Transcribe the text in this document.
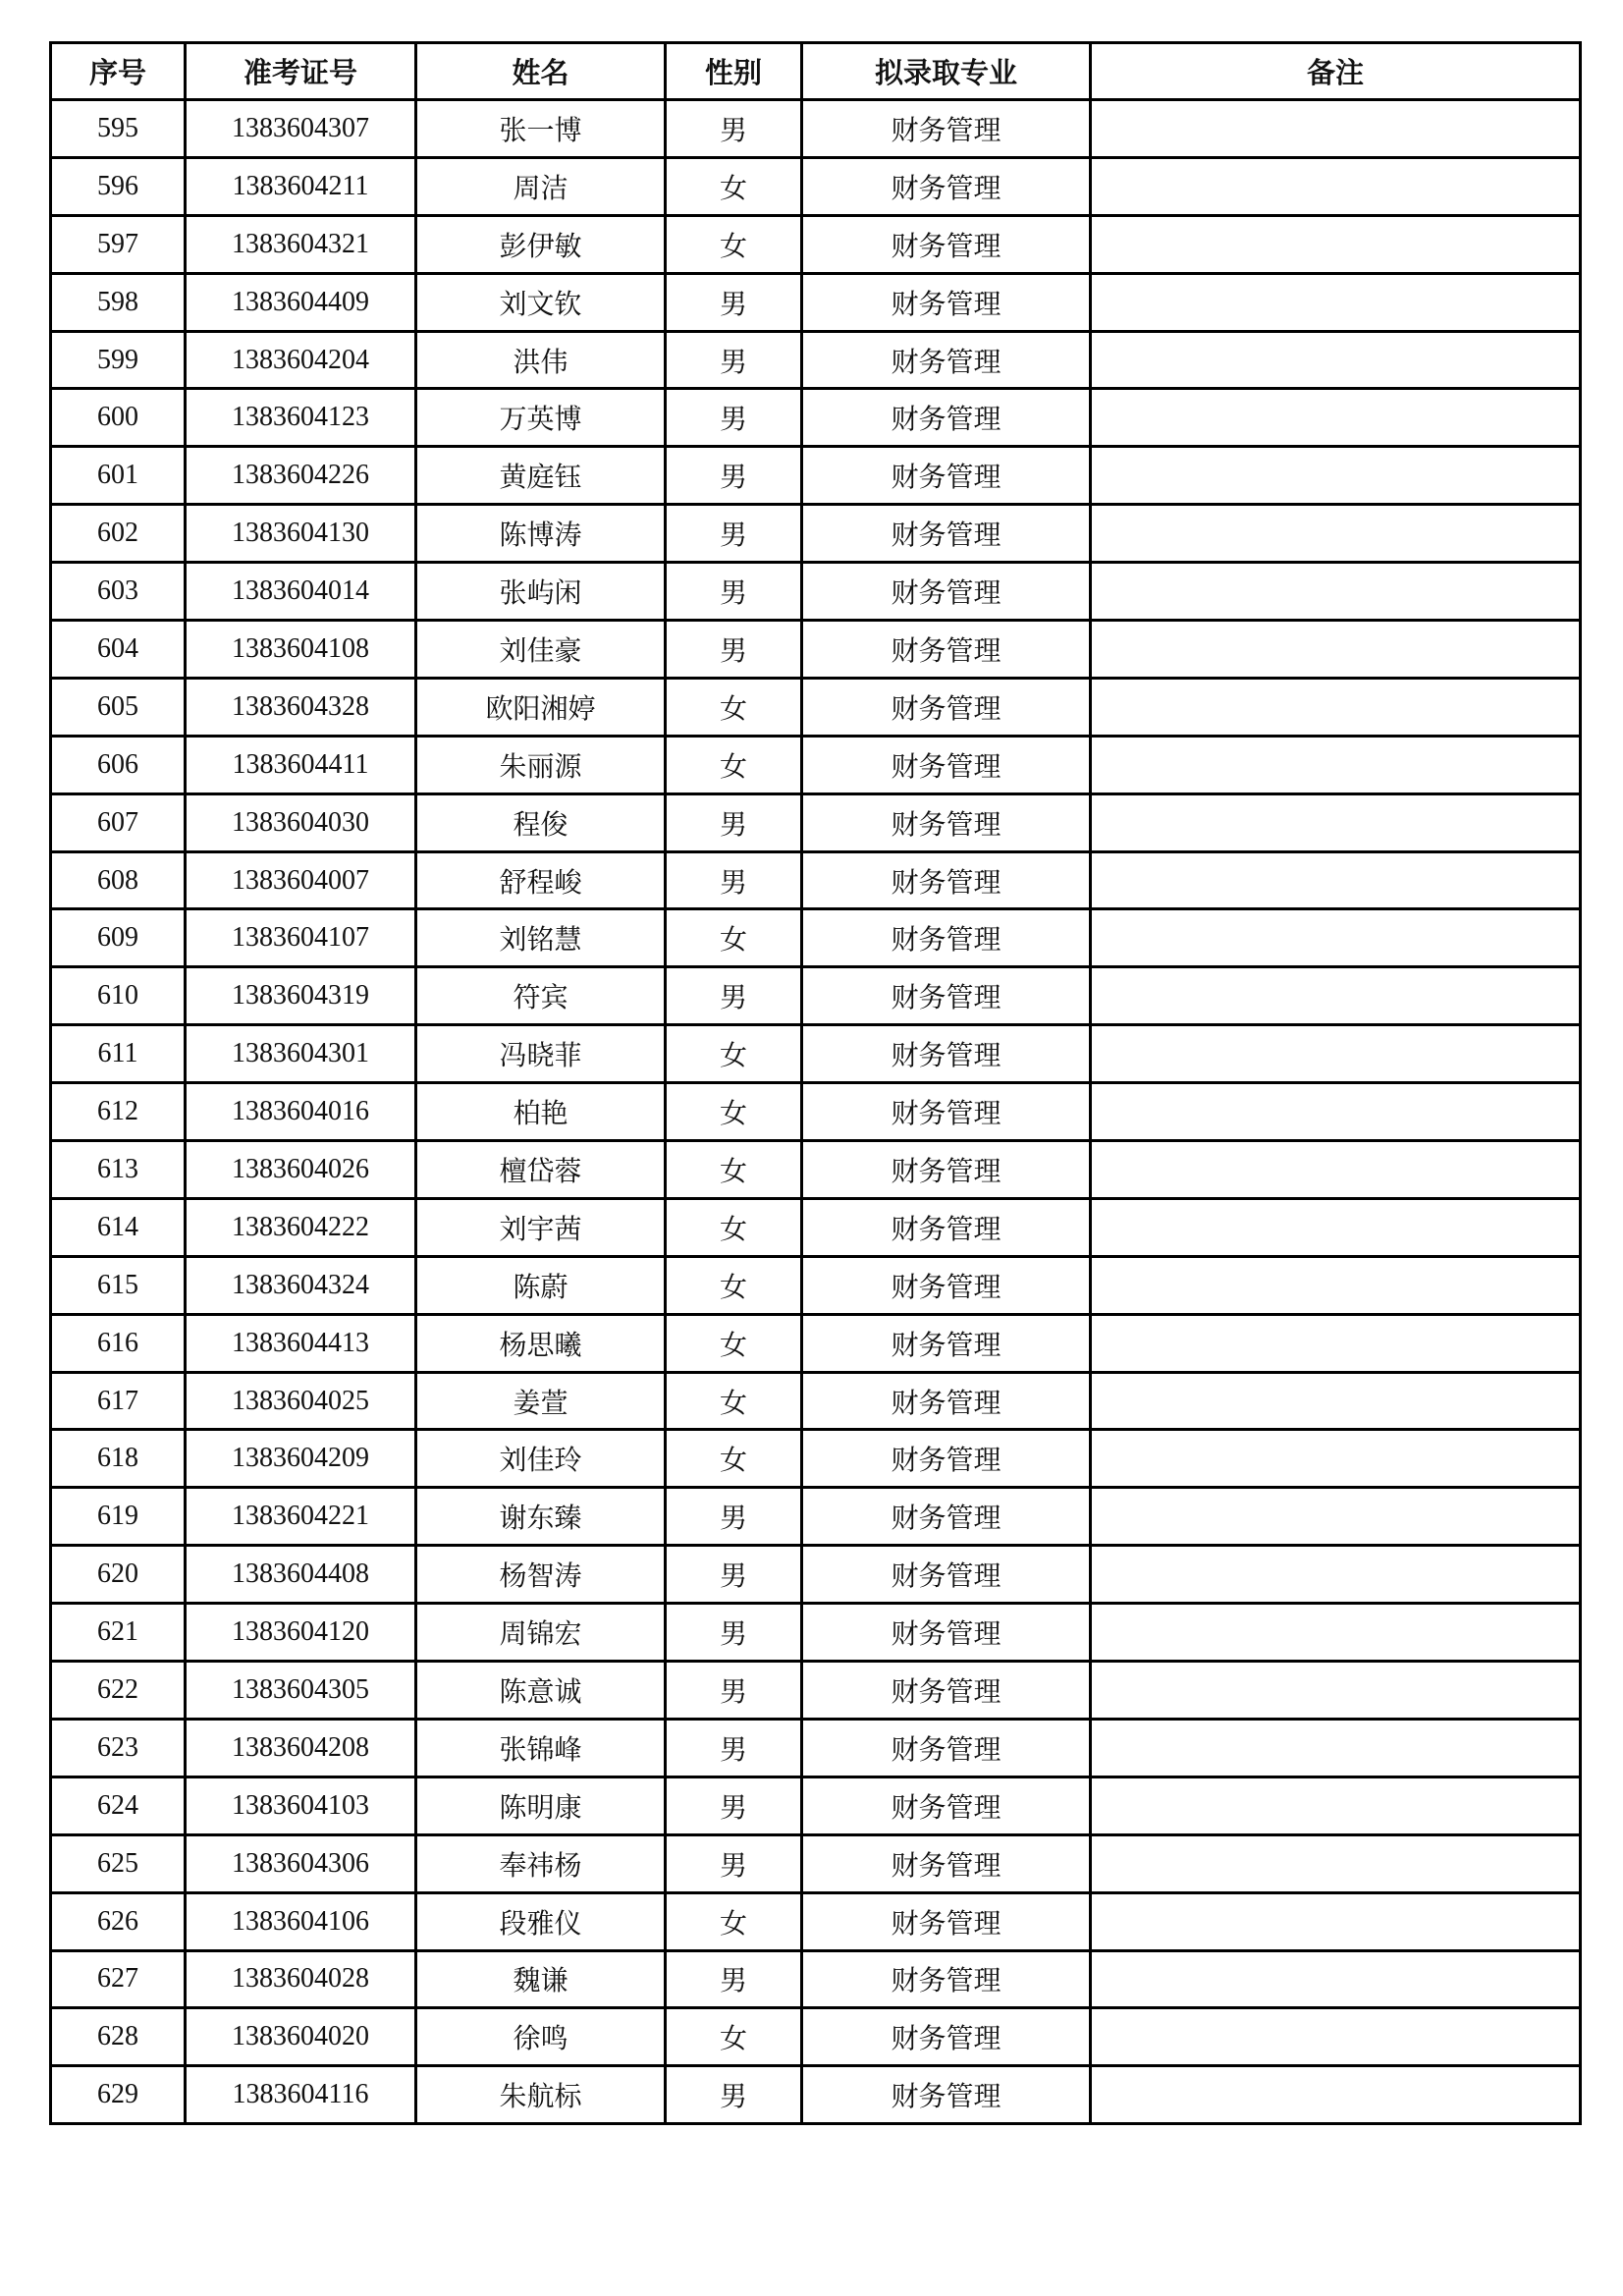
序号	准考证号	姓名	性别	拟录取专业	备注
595	1383604307	张一博	男	财务管理	
596	1383604211	周洁	女	财务管理	
597	1383604321	彭伊敏	女	财务管理	
598	1383604409	刘文钦	男	财务管理	
599	1383604204	洪伟	男	财务管理	
600	1383604123	万英博	男	财务管理	
601	1383604226	黄庭钰	男	财务管理	
602	1383604130	陈博涛	男	财务管理	
603	1383604014	张屿闲	男	财务管理	
604	1383604108	刘佳豪	男	财务管理	
605	1383604328	欧阳湘婷	女	财务管理	
606	1383604411	朱丽源	女	财务管理	
607	1383604030	程俊	男	财务管理	
608	1383604007	舒程峻	男	财务管理	
609	1383604107	刘铭慧	女	财务管理	
610	1383604319	符宾	男	财务管理	
611	1383604301	冯晓菲	女	财务管理	
612	1383604016	柏艳	女	财务管理	
613	1383604026	檀岱蓉	女	财务管理	
614	1383604222	刘宇茜	女	财务管理	
615	1383604324	陈蔚	女	财务管理	
616	1383604413	杨思曦	女	财务管理	
617	1383604025	姜萱	女	财务管理	
618	1383604209	刘佳玲	女	财务管理	
619	1383604221	谢东臻	男	财务管理	
620	1383604408	杨智涛	男	财务管理	
621	1383604120	周锦宏	男	财务管理	
622	1383604305	陈意诚	男	财务管理	
623	1383604208	张锦峰	男	财务管理	
624	1383604103	陈明康	男	财务管理	
625	1383604306	奉祎杨	男	财务管理	
626	1383604106	段雅仪	女	财务管理	
627	1383604028	魏谦	男	财务管理	
628	1383604020	徐鸣	女	财务管理	
629	1383604116	朱航标	男	财务管理	
